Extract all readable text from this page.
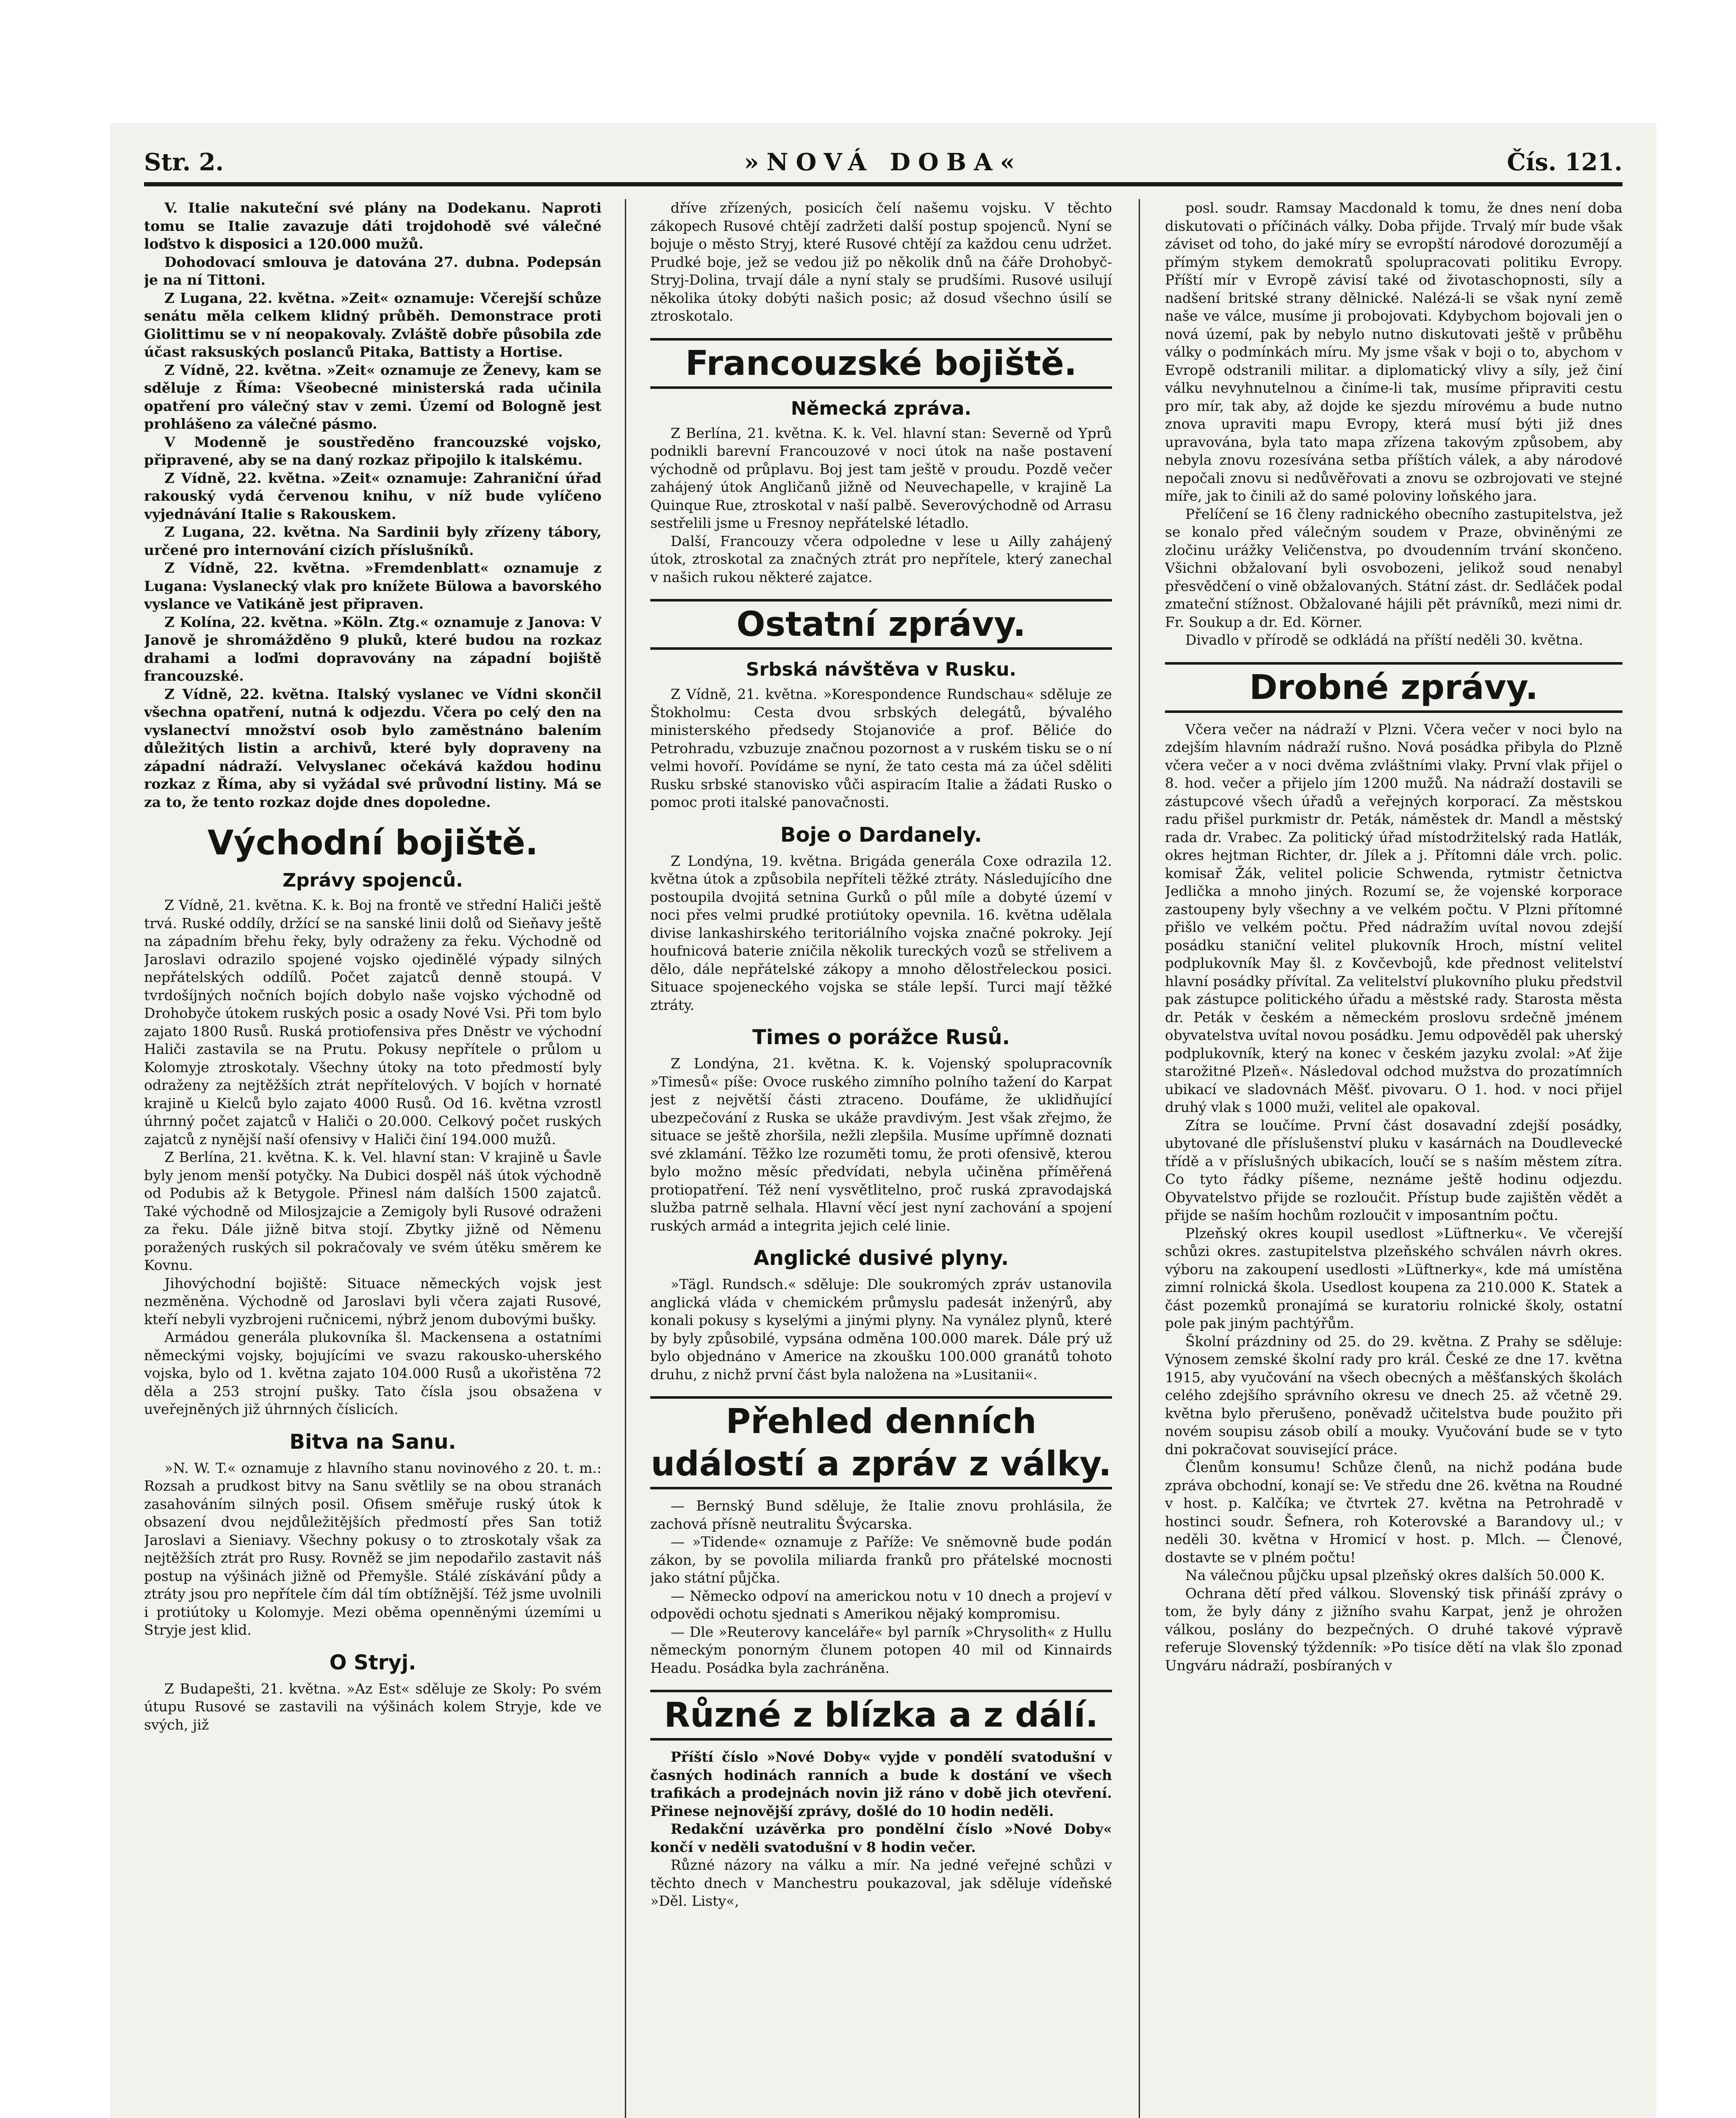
Str. 2.	»NOVÁ DOBA«	Čís. 121.
V. Italie nakuteční své plány na Dodekanu. Naproti tomu se Italie zavazuje dáti trojdohodě své válečné loďstvo k disposici a 120.000 mužů.
Dohodovací smlouva je datována 27. dubna. Podepsán je na ní Tittoni.
Z Lugana, 22. května. »Zeit« oznamuje: Včerejší schůze senátu měla celkem klidný průběh. Demonstrace proti Giolittimu se v ní neopakovaly. Zvláště dobře působila zde účast raksuských poslanců Pitaka, Battisty a Hortise.
Z Vídně, 22. května. »Zeit« oznamuje ze Ženevy, kam se sděluje z Říma: Všeobecné ministerská rada učinila opatření pro válečný stav v zemi. Území od Bologně jest prohlášeno za válečné pásmo.
V Modenně je soustředěno francouzské vojsko, připravené, aby se na daný rozkaz připojilo k italskému.
Z Vídně, 22. května. »Zeit« oznamuje: Zahraniční úřad rakouský vydá červenou knihu, v níž bude vylíčeno vyjednávání Italie s Rakouskem.
Z Lugana, 22. května. Na Sardinii byly zřízeny tábory, určené pro internování cizích příslušníků.
Z Vídně, 22. května. »Fremdenblatt« oznamuje z Lugana: Vyslanecký vlak pro knížete Bülowa a bavorského vyslance ve Vatikáně jest připraven.
Z Kolína, 22. května. »Köln. Ztg.« oznamuje z Janova: V Janově je shromážděno 9 pluků, které budou na rozkaz drahami a loďmi dopravovány na západní bojiště francouzské.
Z Vídně, 22. května. Italský vyslanec ve Vídni skončil všechna opatření, nutná k odjezdu. Včera po celý den na vyslanectví množství osob bylo zaměstnáno balením důležitých listin a archivů, které byly dopraveny na západní nádraží. Velvyslanec očekává každou hodinu rozkaz z Říma, aby si vyžádal své průvodní listiny. Má se za to, že tento rozkaz dojde dnes dopoledne.
Východní bojiště.
Zprávy spojenců.
Z Vídně, 21. května. K. k. Boj na frontě ve střední Haliči ještě trvá. Ruské oddíly, držící se na sanské linii dolů od Sieňavy ještě na západním břehu řeky, byly odraženy za řeku. Východně od Jaroslavi odrazilo spojené vojsko ojedinělé výpady silných nepřátelských oddílů. Počet zajatců denně stoupá. V tvrdošíjných nočních bojích dobylo naše vojsko východně od Drohobyče útokem ruských posic a osady Nové Vsi. Při tom bylo zajato 1800 Rusů. Ruská protiofensiva přes Dněstr ve východní Haliči zastavila se na Prutu. Pokusy nepřítele o průlom u Kolomyje ztroskotaly. Všechny útoky na toto předmostí byly odraženy za nejtěžších ztrát nepřítelových. V bojích v hornaté krajině u Kielců bylo zajato 4000 Rusů. Od 16. května vzrostl úhrnný počet zajatců v Haliči o 20.000. Celkový počet ruských zajatců z nynější naší ofensivy v Haliči činí 194.000 mužů.
Z Berlína, 21. května. K. k. Vel. hlavní stan: V krajině u Šavle byly jenom menší potyčky. Na Dubici dospěl náš útok východně od Podubis až k Betygole. Přinesl nám dalších 1500 zajatců. Také východně od Milosjzajcie a Zemigoly byli Rusové odraženi za řeku. Dále jižně bitva stojí. Zbytky jižně od Němenu poražených ruských sil pokračovaly ve svém útěku směrem ke Kovnu.
Jihovýchodní bojiště: Situace německých vojsk jest nezměněna. Východně od Jaroslavi byli včera zajati Rusové, kteří nebyli vyzbrojeni ručnicemi, nýbrž jenom dubovými bušky.
Armádou generála plukovníka šl. Mackensena a ostatními německými vojsky, bojujícími ve svazu rakousko-uherského vojska, bylo od 1. května zajato 104.000 Rusů a ukořistěna 72 děla a 253 strojní pušky. Tato čísla jsou obsažena v uveřejněných již úhrnných číslicích.
Bitva na Sanu.
»N. W. T.« oznamuje z hlavního stanu novinového z 20. t. m.: Rozsah a prudkost bitvy na Sanu světlily se na obou stranách zasahováním silných posil. Ofisem směřuje ruský útok k obsazení dvou nejdůležitějších předmostí přes San totiž Jaroslavi a Sieniavy. Všechny pokusy o to ztroskotaly však za nejtěžších ztrát pro Rusy. Rovněž se jim nepodařilo zastavit náš postup na výšinách jižně od Přemyšle. Stálé získávání půdy a ztráty jsou pro nepřítele čím dál tím obtížnější. Též jsme uvolnili i protiútoky u Kolomyje. Mezi oběma openněnými územími u Stryje jest klid.
O Stryj.
Z Budapešti, 21. května. »Az Est« sděluje ze Skoly: Po svém útupu Rusové se zastavili na výšinách kolem Stryje, kde ve svých, již
dříve zřízených, posicích čelí našemu vojsku. V těchto zákopech Rusové chtějí zadržeti další postup spojenců. Nyní se bojuje o město Stryj, které Rusové chtějí za každou cenu udržet. Prudké boje, jež se vedou již po několik dnů na čáře Drohobyč-Stryj-Dolina, trvají dále a nyní staly se prudšími. Rusové usilují několika útoky dobýti našich posic; až dosud všechno úsilí se ztroskotalo.
Francouzské bojiště.
Německá zpráva.
Z Berlína, 21. května. K. k. Vel. hlavní stan: Severně od Yprů podnikli barevní Francouzové v noci útok na naše postavení východně od průplavu. Boj jest tam ještě v proudu. Pozdě večer zahájený útok Angličanů jižně od Neuvechapelle, v krajině La Quinque Rue, ztroskotal v naší palbě. Severovýchodně od Arrasu sestřelili jsme u Fresnoy nepřátelské létadlo.
Další, Francouzy včera odpoledne v lese u Ailly zahájený útok, ztroskotal za značných ztrát pro nepřítele, který zanechal v našich rukou některé zajatce.
Ostatní zprávy.
Srbská návštěva v Rusku.
Z Vídně, 21. května. »Korespondence Rundschau« sděluje ze Štokholmu: Cesta dvou srbských delegátů, bývalého ministerského předsedy Stojanoviće a prof. Běliće do Petrohradu, vzbuzuje značnou pozornost a v ruském tisku se o ní velmi hovoří. Povídáme se nyní, že tato cesta má za účel sděliti Rusku srbské stanovisko vůči aspiracím Italie a žádati Rusko o pomoc proti italské panovačnosti.
Boje o Dardanely.
Z Londýna, 19. května. Brigáda generála Coxe odrazila 12. května útok a způsobila nepříteli těžké ztráty. Následujícího dne postoupila dvojitá setnina Gurků o půl míle a dobyté území v noci přes velmi prudké protiútoky opevnila. 16. května udělala divise lankashirského teritoriálního vojska značné pokroky. Její houfnicová baterie zničila několik tureckých vozů se střelivem a dělo, dále nepřátelské zákopy a mnoho dělostřeleckou posici. Situace spojeneckého vojska se stále lepší. Turci mají těžké ztráty.
Times o porážce Rusů.
Z Londýna, 21. května. K. k. Vojenský spolupracovník »Timesů« píše: Ovoce ruského zimního polního tažení do Karpat jest z největší části ztraceno. Doufáme, že uklidňující ubezpečování z Ruska se ukáže pravdivým. Jest však zřejmo, že situace se ještě zhoršila, nežli zlepšila. Musíme upřímně doznati své zklamání. Těžko lze rozuměti tomu, že proti ofensivě, kterou bylo možno měsíc předvídati, nebyla učiněna příměřená protiopatření. Též není vysvětlitelno, proč ruská zpravodajská služba patrně selhala. Hlavní věcí jest nyní zachování a spojení ruských armád a integrita jejich celé linie.
Anglické dusivé plyny.
»Tägl. Rundsch.« sděluje: Dle soukromých zpráv ustanovila anglická vláda v chemickém průmyslu padesát inženýrů, aby konali pokusy s kyselými a jinými plyny. Na vynález plynů, které by byly způsobilé, vypsána odměna 100.000 marek. Dále prý už bylo objednáno v Americe na zkoušku 100.000 granátů tohoto druhu, z nichž první část byla naložena na »Lusitanii«.
Přehled denních událostí a zpráv z války.
— Bernský Bund sděluje, že Italie znovu prohlásila, že zachová přísně neutralitu Švýcarska.
— »Tidende« oznamuje z Paříže: Ve sněmovně bude podán zákon, by se povolila miliarda franků pro přátelské mocnosti jako státní půjčka.
— Německo odpoví na americkou notu v 10 dnech a projeví v odpovědi ochotu sjednati s Amerikou nějaký kompromisu.
— Dle »Reuterovy kanceláře« byl parník »Chrysolith« z Hullu německým ponorným člunem potopen 40 mil od Kinnairds Headu. Posádka byla zachráněna.
Různé z blízka a z dálí.
Příští číslo »Nové Doby« vyjde v pondělí svatodušní v časných hodinách ranních a bude k dostání ve všech trafikách a prodejnách novin již ráno v době jich otevření. Přinese nejnovější zprávy, došlé do 10 hodin neděli.
Redakční uzávěrka pro pondělní číslo »Nové Doby« končí v neděli svatodušní v 8 hodin večer.
Různé názory na válku a mír. Na jedné veřejné schůzi v těchto dnech v Manchestru poukazoval, jak sděluje vídeňské »Děl. Listy«,
posl. soudr. Ramsay Macdonald k tomu, že dnes není doba diskutovati o příčinách války. Doba přijde. Trvalý mír bude však záviset od toho, do jaké míry se evropští národové dorozumějí a přímým stykem demokratů spolupracovati politiku Evropy. Příští mír v Evropě závisí také od životaschopnosti, síly a nadšení britské strany dělnické. Nalézá-li se však nyní země naše ve válce, musíme ji probojovati. Kdybychom bojovali jen o nová území, pak by nebylo nutno diskutovati ještě v průběhu války o podmínkách míru. My jsme však v boji o to, abychom v Evropě odstranili militar. a diplomatický vlivy a síly, jež činí válku nevyhnutelnou a činíme-li tak, musíme připraviti cestu pro mír, tak aby, až dojde ke sjezdu mírovému a bude nutno znova upraviti mapu Evropy, která musí býti již dnes upravována, byla tato mapa zřízena takovým způsobem, aby nebyla znovu rozesívána setba příštích válek, a aby národové nepočali znovu si nedůvěřovati a znovu se ozbrojovati ve stejné míře, jak to činili až do samé poloviny loňského jara.
Přelíčení se 16 členy radnického obecního zastupitelstva, jež se konalo před válečným soudem v Praze, obviněnými ze zločinu urážky Veličenstva, po dvoudenním trvání skončeno. Všichni obžalovaní byli osvobozeni, jelikož soud nenabyl přesvědčení o vině obžalovaných. Státní zást. dr. Sedláček podal zmateční stížnost. Obžalované hájili pět právníků, mezi nimi dr. Fr. Soukup a dr. Ed. Körner.
Divadlo v přírodě se odkládá na příští neděli 30. května.
Drobné zprávy.
Včera večer na nádraží v Plzni. Včera večer v noci bylo na zdejším hlavním nádraží rušno. Nová posádka přibyla do Plzně včera večer a v noci dvěma zvláštními vlaky. První vlak přijel o 8. hod. večer a přijelo jím 1200 mužů. Na nádraží dostavili se zástupcové všech úřadů a veřejných korporací. Za městskou radu přišel purkmistr dr. Peták, náměstek dr. Mandl a městský rada dr. Vrabec. Za politický úřad místodržitelský rada Hatlák, okres hejtman Richter, dr. Jílek a j. Přítomni dále vrch. polic. komisař Žák, velitel policie Schwenda, rytmistr četnictva Jedlička a mnoho jiných. Rozumí se, že vojenské korporace zastoupeny byly všechny a ve velkém počtu. V Plzni přítomné přišlo ve velkém počtu. Před nádražím uvítal novou zdejší posádku staniční velitel plukovník Hroch, místní velitel podplukovník May šl. z Kovčevbojů, kde přednost velitelství hlavní posádky přívítal. Za velitelství plukovního pluku předstvil pak zástupce politického úřadu a městské rady. Starosta města dr. Peták v českém a německém proslovu srdečně jménem obyvatelstva uvítal novou posádku. Jemu odpověděl pak uherský podplukovník, který na konec v českém jazyku zvolal: »Ať žije starožitné Plzeň«. Následoval odchod mužstva do prozatímních ubikací ve sladovnách Měšť. pivovaru. O 1. hod. v noci přijel druhý vlak s 1000 muži, velitel ale opakoval.
Zítra se loučíme. První část dosavadní zdejší posádky, ubytované dle příslušenství pluku v kasárnách na Doudlevecké třídě a v příslušných ubikacích, loučí se s naším městem zítra. Co tyto řádky píšeme, neznáme ještě hodinu odjezdu. Obyvatelstvo přijde se rozloučit. Přístup bude zajištěn vědět a přijde se naším hochům rozloučit v imposantním počtu.
Plzeňský okres koupil usedlost »Lüftnerku«. Ve včerejší schůzi okres. zastupitelstva plzeňského schválen návrh okres. výboru na zakoupení usedlosti »Lüftnerky«, kde má umístěna zimní rolnická škola. Usedlost koupena za 210.000 K. Statek a část pozemků pronajímá se kuratoriu rolnické školy, ostatní pole pak jiným pachtýřům.
Školní prázdniny od 25. do 29. května. Z Prahy se sděluje: Výnosem zemské školní rady pro král. České ze dne 17. května 1915, aby vyučování na všech obecných a měšťanských školách celého zdejšího správního okresu ve dnech 25. až včetně 29. května bylo přerušeno, poněvadž učitelstva bude použito při novém soupisu zásob obilí a mouky. Vyučování bude se v tyto dni pokračovat související práce.
Členům konsumu! Schůze členů, na nichž podána bude zpráva obchodní, konají se: Ve středu dne 26. května na Roudné v host. p. Kalčíka; ve čtvrtek 27. května na Petrohradě v hostinci soudr. Šefnera, roh Koterovské a Barandovy ul.; v neděli 30. května v Hromicí v host. p. Mlch. — Členové, dostavte se v plném počtu!
Na válečnou půjčku upsal plzeňský okres dalších 50.000 K.
Ochrana dětí před válkou. Slovenský tisk přináší zprávy o tom, že byly dány z jižního svahu Karpat, jenž je ohrožen válkou, poslány do bezpečných. O druhé takové výpravě referuje Slovenský týždenník: »Po tisíce dětí na vlak šlo zponad Ungváru nádraží, posbíraných v
